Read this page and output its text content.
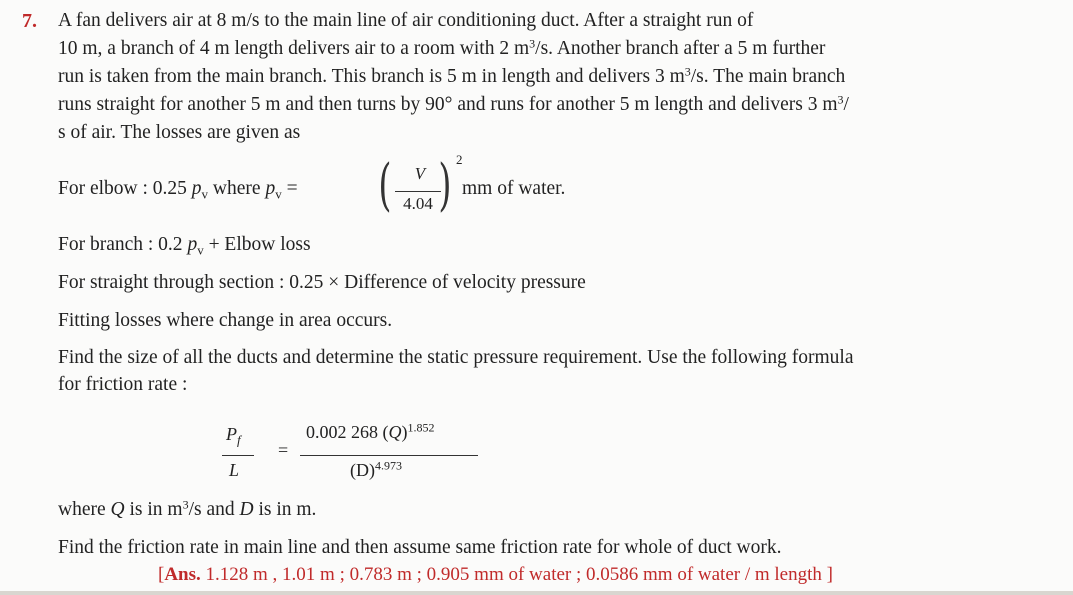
7. A fan delivers air at 8 m/s to the main line of air conditioning duct. After a straight run of
10 m, a branch of 4 m length delivers air to a room with 2 $m^3/s$. Another branch after a 5 m further
run is taken from the main branch. This branch is 5 m in length and delivers 3 $m^3/s$. The main branch
runs straight for another 5 m and then turns by 90° and runs for another 5 m length and delivers 3 $m^3/$
s of air. The losses are given as
For elbow : 0.25 $p_v$ where $p_v$ = (	V
4.04 ) 2
mm of water.
For branch : 0.2 $p_v$ + Elbow loss
For straight through section : 0.25 × Difference of velocity pressure
Fitting losses where change in area occurs.
Find the size of all the ducts and determine the static pressure requirement. Use the following formula
for friction rate :
$P_f$
L
=
0.002 268 $(Q)^{1.852}$
$(D)^{4.973}$
where Q is in $m^3/s$ and D is in m.
Find the friction rate in main line and then assume same friction rate for whole of duct work.
[Ans. 1.128 m , 1.01 m ; 0.783 m ; 0.905 mm of water ; 0.0586 mm of water / m length ]
